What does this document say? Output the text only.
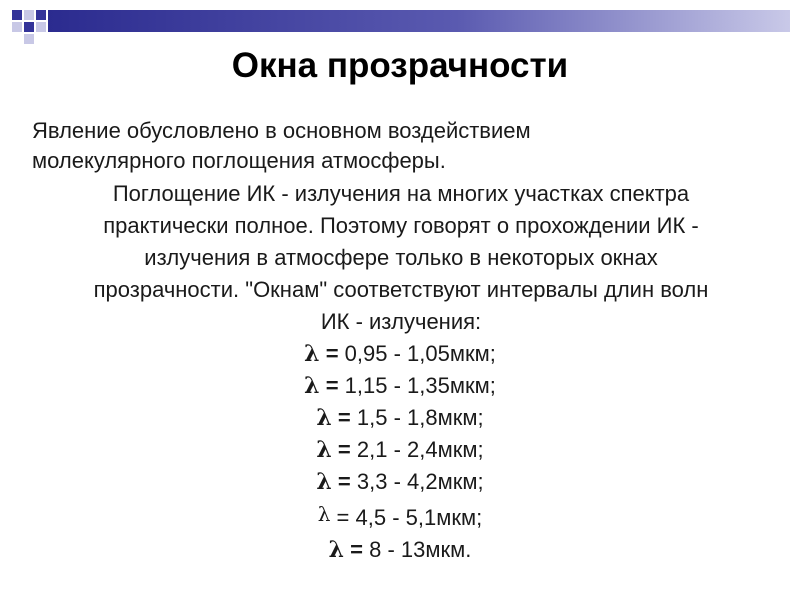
Окна прозрачности
Явление обусловлено в основном воздействием
молекулярного поглощения атмосферы.
Поглощение ИК - излучения на многих участках спектра
практически полное. Поэтому говорят о прохождении ИК -
излучения в атмосфере только в некоторых окнах
прозрачности. "Окнам" соответствуют интервалы длин волн
ИК - излучения:
λ = 0,95 - 1,05мкм;
λ = 1,15 - 1,35мкм;
λ = 1,5 - 1,8мкм;
λ = 2,1 - 2,4мкм;
λ = 3,3 - 4,2мкм;
λ = 4,5 - 5,1мкм;
λ = 8 - 13мкм.
